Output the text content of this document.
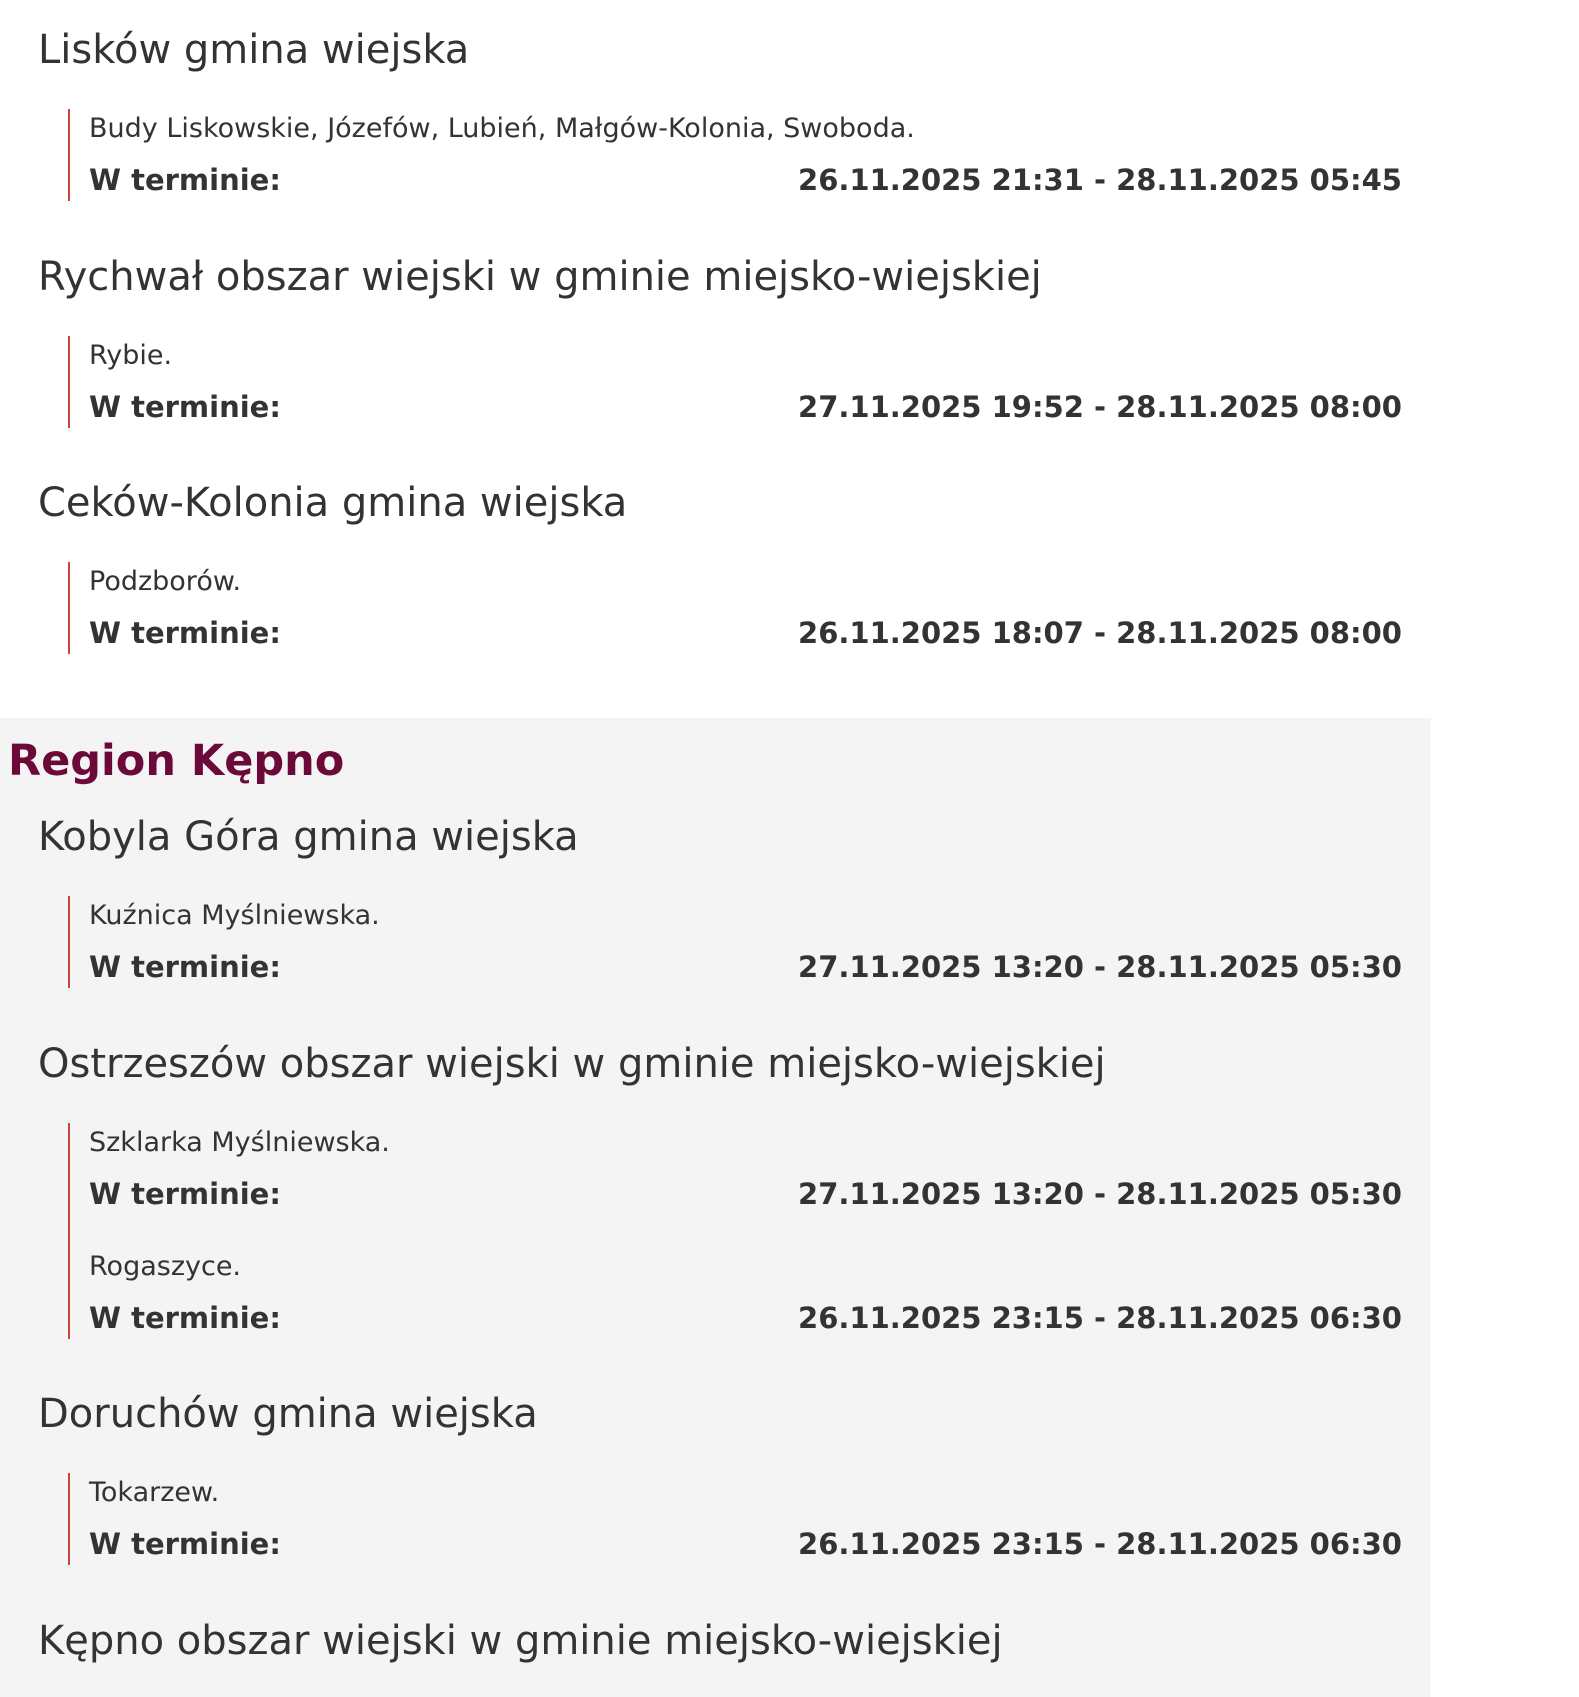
Lisków gmina wiejska
Budy Liskowskie, Józefów, Lubień, Małgów-Kolonia, Swoboda.
W terminie:	26.11.2025 21:31 - 28.11.2025 05:45
Rychwał obszar wiejski w gminie miejsko-wiejskiej
Rybie.
W terminie:	27.11.2025 19:52 - 28.11.2025 08:00
Ceków-Kolonia gmina wiejska
Podzborów.
W terminie:	26.11.2025 18:07 - 28.11.2025 08:00
Region Kępno
Kobyla Góra gmina wiejska
Kuźnica Myślniewska.
W terminie:	27.11.2025 13:20 - 28.11.2025 05:30
Ostrzeszów obszar wiejski w gminie miejsko-wiejskiej
Szklarka Myślniewska.
W terminie:	27.11.2025 13:20 - 28.11.2025 05:30
Rogaszyce.
W terminie:	26.11.2025 23:15 - 28.11.2025 06:30
Doruchów gmina wiejska
Tokarzew.
W terminie:	26.11.2025 23:15 - 28.11.2025 06:30
Kępno obszar wiejski w gminie miejsko-wiejskiej
